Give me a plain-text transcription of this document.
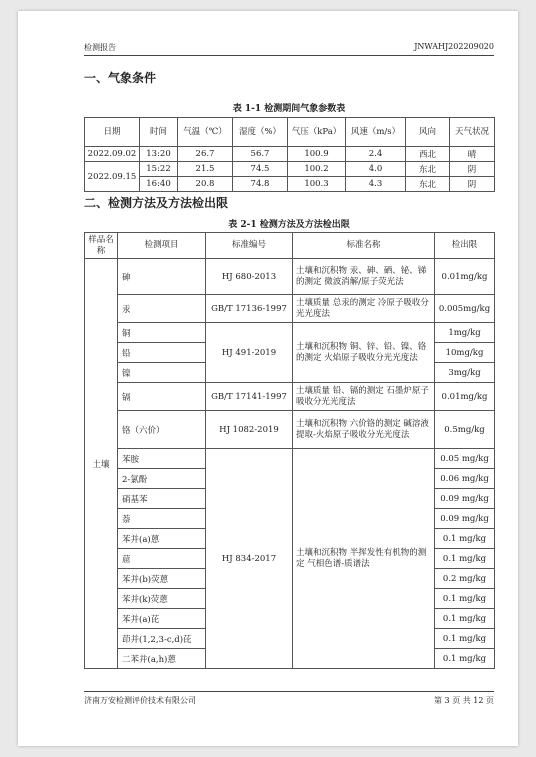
检测报告	JNWAHJ202209020
一、气象条件
表 1-1 检测期间气象参数表
日期	时间	气温（℃）	湿度（%）	气压（kPa）	风速（m/s）	风向	天气状况
2022.09.02	13:20	26.7	56.7	100.9	2.4	西北	晴
2022.09.15	15:22	21.5	74.5	100.2	4.0	东北	阴
	16:40	20.8	74.8	100.3	4.3	东北	阴
二、检测方法及方法检出限
表 2-1 检测方法及方法检出限
样品名称	检测项目	标准编号	标准名称	检出限
土壤	砷	HJ 680-2013	土壤和沉积物 汞、砷、硒、铋、锑的测定 微波消解/原子荧光法	0.01mg/kg
	汞	GB/T 17136-1997	土壤质量 总汞的测定 冷原子吸收分光光度法	0.005mg/kg
	铜	HJ 491-2019	土壤和沉积物 铜、锌、铅、镍、铬的测定 火焰原子吸收分光光度法	1mg/kg
	铅			10mg/kg
	镍			3mg/kg
	镉	GB/T 17141-1997	土壤质量 铅、镉的测定 石墨炉原子吸收分光光度法	0.01mg/kg
	铬（六价）	HJ 1082-2019	土壤和沉积物 六价铬的测定 碱溶液提取-火焰原子吸收分光光度法	0.5mg/kg
	苯胺	HJ 834-2017	土壤和沉积物 半挥发性有机物的测定 气相色谱-质谱法	0.05 mg/kg
	2-氯酚			0.06 mg/kg
	硝基苯			0.09 mg/kg
	萘			0.09 mg/kg
	苯并(a)蒽			0.1 mg/kg
	䓛			0.1 mg/kg
	苯并(b)荧蒽			0.2 mg/kg
	苯并(k)荧蒽			0.1 mg/kg
	苯并(a)芘			0.1 mg/kg
	茚并(1,2,3-c,d)芘			0.1 mg/kg
	二苯并(a,h)蒽			0.1 mg/kg
济南万安检测评价技术有限公司	第 3 页 共 12 页
